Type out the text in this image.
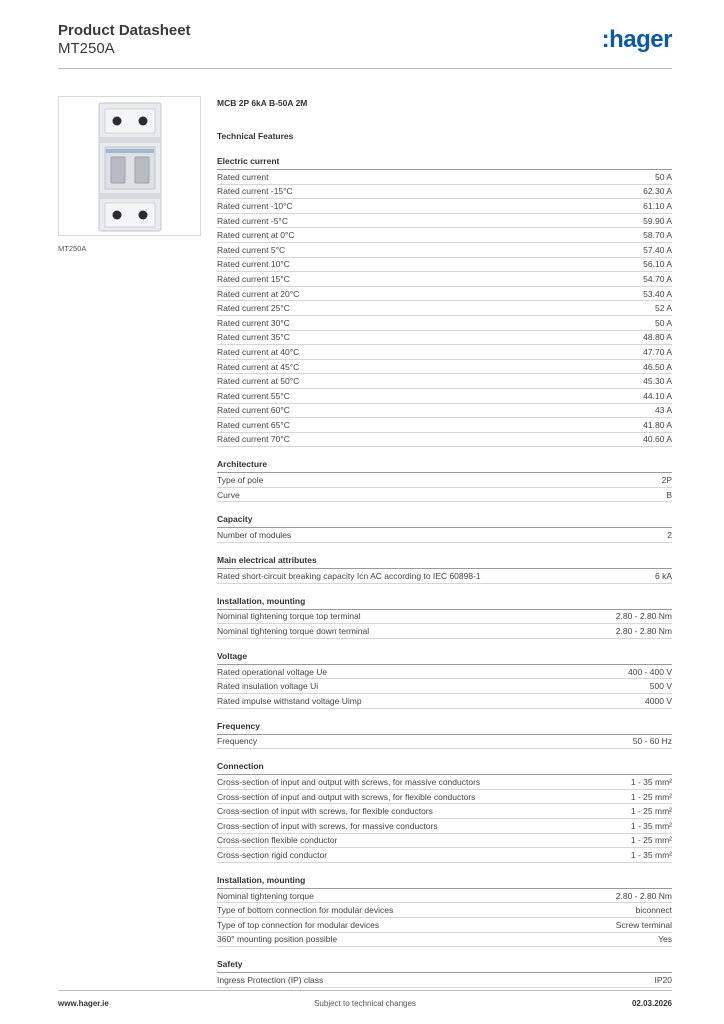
Product Datasheet
MT250A	:hager
MT250A
MCB 2P 6kA B-50A 2M
Technical Features
Electric current
Rated current	50 A
Rated current -15°C	62.30 A
Rated current -10°C	61.10 A
Rated current -5°C	59.90 A
Rated current at 0°C	58.70 A
Rated current 5°C	57.40 A
Rated current 10°C	56.10 A
Rated current 15°C	54.70 A
Rated current at 20°C	53.40 A
Rated current 25°C	52 A
Rated current 30°C	50 A
Rated current 35°C	48.80 A
Rated current at 40°C	47.70 A
Rated current at 45°C	46.50 A
Rated current at 50°C	45.30 A
Rated current 55°C	44.10 A
Rated current 60°C	43 A
Rated current 65°C	41.80 A
Rated current 70°C	40.60 A
Architecture
Type of pole	2P
Curve	B
Capacity
Number of modules	2
Main electrical attributes
Rated short-circuit breaking capacity Icn AC according to IEC 60898-1	6 kA
Installation, mounting
Nominal tightening torque top terminal	2.80 - 2.80 Nm
Nominal tightening torque down terminal	2.80 - 2.80 Nm
Voltage
Rated operational voltage Ue	400 - 400 V
Rated insulation voltage Ui	500 V
Rated impulse withstand voltage Uimp	4000 V
Frequency
Frequency	50 - 60 Hz
Connection
Cross-section of input and output with screws, for massive conductors	1 - 35 mm²
Cross-section of input and output with screws, for flexible conductors	1 - 25 mm²
Cross-section of input with screws, for flexible conductors	1 - 25 mm²
Cross-section of input with screws, for massive conductors	1 - 35 mm²
Cross-section flexible conductor	1 - 25 mm²
Cross-section rigid conductor	1 - 35 mm²
Installation, mounting
Nominal tightening torque	2.80 - 2.80 Nm
Type of bottom connection for modular devices	biconnect
Type of top connection for modular devices	Screw terminal
360° mounting position possible	Yes
Safety
Ingress Protection (IP) class	IP20
www.hager.ie	Subject to technical changes	02.03.2026
